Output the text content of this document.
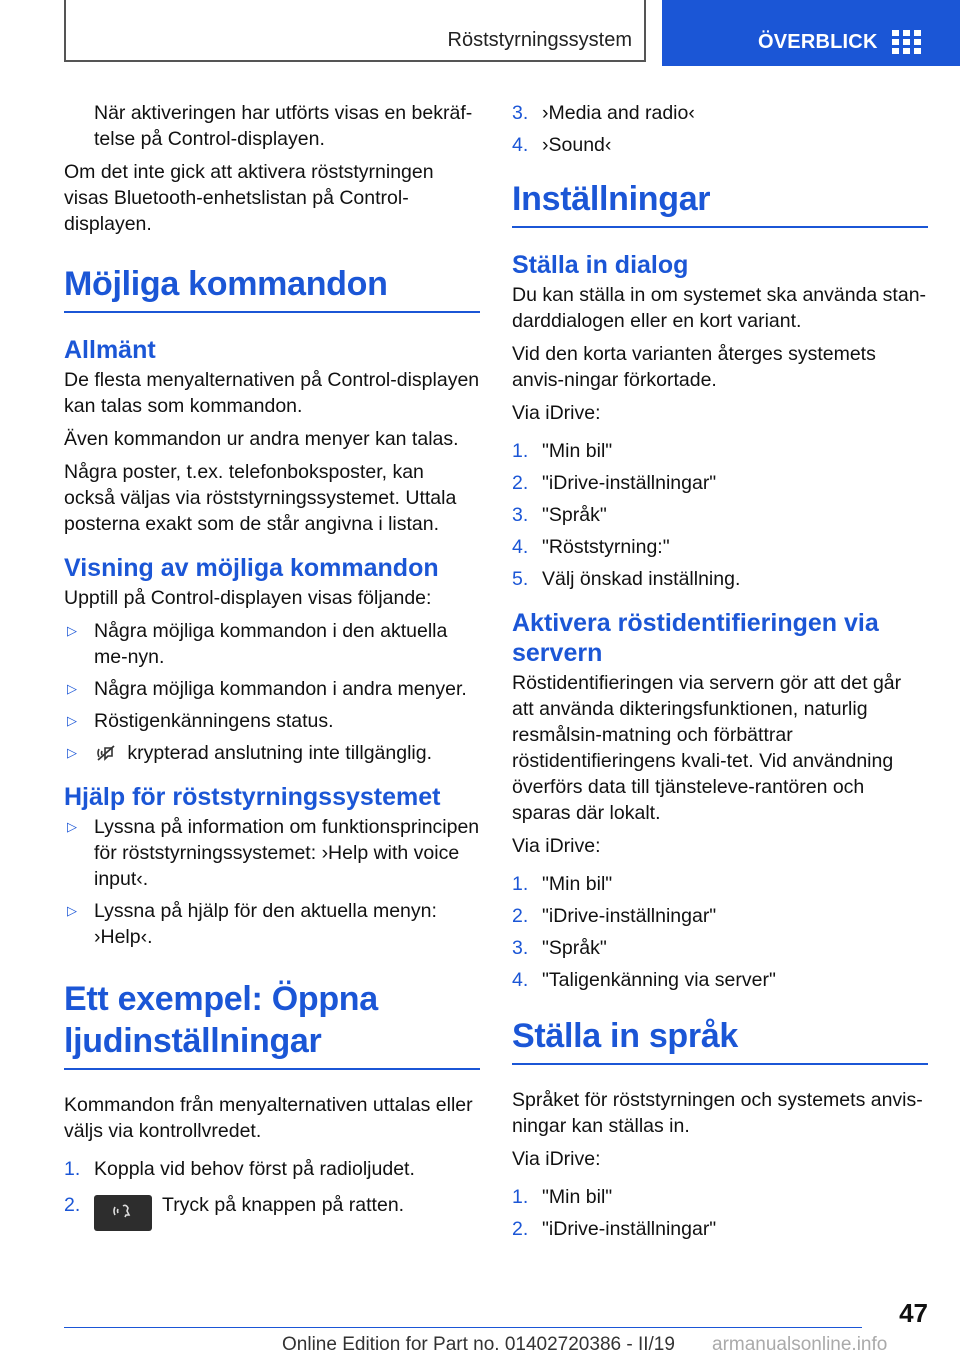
Röststyrningssystem	ÖVERBLICK

När aktiveringen har utförts visas en bekräf‐telse på Control-displayen.

Om det inte gick att aktivera röststyrningen visas Bluetooth-enhetslistan på Control-displayen.

Möjliga kommandon
Allmänt

De flesta menyalternativen på Control-displayen kan talas som kommandon.

Även kommandon ur andra menyer kan talas.

Några poster, t.ex. telefonboksposter, kan också väljas via röststyrningssystemet. Uttala posterna exakt som de står angivna i listan.

Visning av möjliga kommandon

Upptill på Control-displayen visas följande:

▷ Några möjliga kommandon i den aktuella me‐nyn.
▷ Några möjliga kommandon i andra menyer.
▷ Röstigenkänningens status.
▷	krypterad anslutning inte tillgänglig.
Hjälp för röststyrningssystemet
▷ Lyssna på information om funktionsprincipen för röststyrningssystemet: ›Help with voice input‹.
▷ Lyssna på hjälp för den aktuella menyn: ›Help‹.
Ett exempel: Öppna ljudinställningar

Kommandon från menyalternativen uttalas eller väljs via kontrollvredet.

1. Koppla vid behov först på radioljudet.
2.	Tryck på knappen på ratten.
3. ›Media and radio‹
4. ›Sound‹
Inställningar
Ställa in dialog

Du kan ställa in om systemet ska använda stan‐darddialogen eller en kort variant.

Vid den korta varianten återges systemets anvis‐ningar förkortade.

Via iDrive:

1. "Min bil"
2. "iDrive-inställningar"
3. "Språk"
4. "Röststyrning:"
5. Välj önskad inställning.
Aktivera röstidentifieringen via servern

Röstidentifieringen via servern gör att det går att använda dikteringsfunktionen, naturlig resmålsin‐matning och förbättrar röstidentifieringens kvali‐tet. Vid användning överförs data till tjänsteleve‐rantören och sparas där lokalt.

Via iDrive:

1. "Min bil"
2. "iDrive-inställningar"
3. "Språk"
4. "Taligenkänning via server"
Ställa in språk

Språket för röststyrningen och systemets anvis‐ningar kan ställas in.

Via iDrive:

1. "Min bil"
2. "iDrive-inställningar"
47
Online Edition for Part no. 01402720386 - II/19 armanualsonline.info
